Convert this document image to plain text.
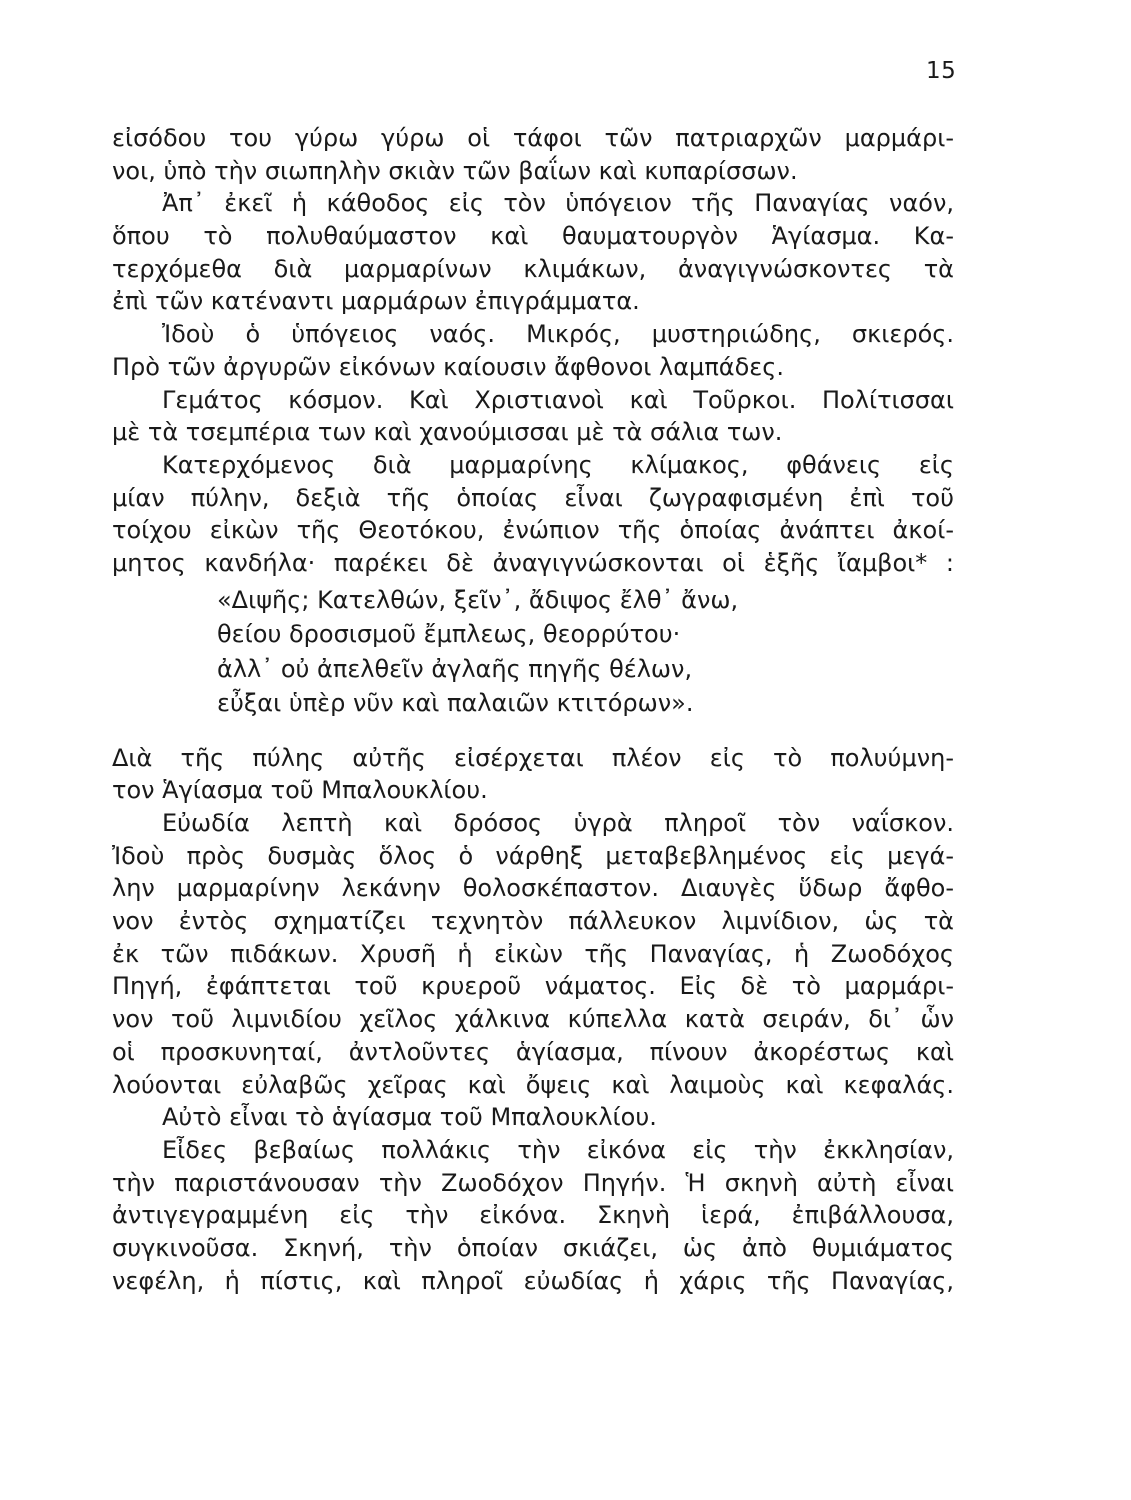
15
εἰσόδου του γύρω γύρω οἱ τάφοι τῶν πατριαρχῶν μαρμάρι-
νοι, ὑπὸ τὴν σιωπηλὴν σκιὰν τῶν βαΐων καὶ κυπαρίσσων.
Ἀπ᾿ ἐκεῖ ἡ κάθοδος εἰς τὸν ὑπόγειον τῆς Παναγίας ναόν,
ὅπου τὸ πολυθαύμαστον καὶ θαυματουργὸν Ἁγίασμα. Κα-
τερχόμεθα διὰ μαρμαρίνων κλιμάκων, ἀναγιγνώσκοντες τὰ
ἐπὶ τῶν κατέναντι μαρμάρων ἐπιγράμματα.
Ἰδοὺ ὁ ὑπόγειος ναός. Μικρός, μυστηριώδης, σκιερός.
Πρὸ τῶν ἀργυρῶν εἰκόνων καίουσιν ἄφθονοι λαμπάδες.
Γεμάτος κόσμον. Καὶ Χριστιανοὶ καὶ Τοῦρκοι. Πολίτισσαι
μὲ τὰ τσεμπέρια των καὶ χανούμισσαι μὲ τὰ σάλια των.
Κατερχόμενος διὰ μαρμαρίνης κλίμακος, φθάνεις εἰς
μίαν πύλην, δεξιὰ τῆς ὁποίας εἶναι ζωγραφισμένη ἐπὶ τοῦ
τοίχου εἰκὼν τῆς Θεοτόκου, ἐνώπιον τῆς ὁποίας ἀνάπτει ἀκοί-
μητος κανδήλα· παρέκει δὲ ἀναγιγνώσκονται οἱ ἑξῆς ἴαμβοι* :
«Διψῆς; Κατελθών, ξεῖν᾿, ἄδιψος ἔλθ᾿ ἄνω,
θείου δροσισμοῦ ἔμπλεως, θεορρύτου·
ἀλλ᾿ οὐ ἀπελθεῖν ἀγλαῆς πηγῆς θέλων,
εὖξαι ὑπὲρ νῦν καὶ παλαιῶν κτιτόρων».
Διὰ τῆς πύλης αὐτῆς εἰσέρχεται πλέον εἰς τὸ πολυύμνη-
τον Ἁγίασμα τοῦ Μπαλουκλίου.
Εὐωδία λεπτὴ καὶ δρόσος ὑγρὰ πληροῖ τὸν ναΐσκον.
Ἰδοὺ πρὸς δυσμὰς ὅλος ὁ νάρθηξ μεταβεβλημένος εἰς μεγά-
λην μαρμαρίνην λεκάνην θολοσκέπαστον. Διαυγὲς ὕδωρ ἄφθο-
νον ἐντὸς σχηματίζει τεχνητὸν πάλλευκον λιμνίδιον, ὡς τὰ
ἐκ τῶν πιδάκων. Χρυσῆ ἡ εἰκὼν τῆς Παναγίας, ἡ Ζωοδόχος
Πηγή, ἐφάπτεται τοῦ κρυεροῦ νάματος. Εἰς δὲ τὸ μαρμάρι-
νον τοῦ λιμνιδίου χεῖλος χάλκινα κύπελλα κατὰ σειράν, δι᾿ ὧν
οἱ προσκυνηταί, ἀντλοῦντες ἁγίασμα, πίνουν ἀκορέστως καὶ
λούονται εὐλαβῶς χεῖρας καὶ ὄψεις καὶ λαιμοὺς καὶ κεφαλάς.
Αὐτὸ εἶναι τὸ ἁγίασμα τοῦ Μπαλουκλίου.
Εἶδες βεβαίως πολλάκις τὴν εἰκόνα εἰς τὴν ἐκκλησίαν,
τὴν παριστάνουσαν τὴν Ζωοδόχον Πηγήν. Ἡ σκηνὴ αὐτὴ εἶναι
ἀντιγεγραμμένη εἰς τὴν εἰκόνα. Σκηνὴ ἱερά, ἐπιβάλλουσα,
συγκινοῦσα. Σκηνή, τὴν ὁποίαν σκιάζει, ὡς ἀπὸ θυμιάματος
νεφέλη, ἡ πίστις, καὶ πληροῖ εὐωδίας ἡ χάρις τῆς Παναγίας,
